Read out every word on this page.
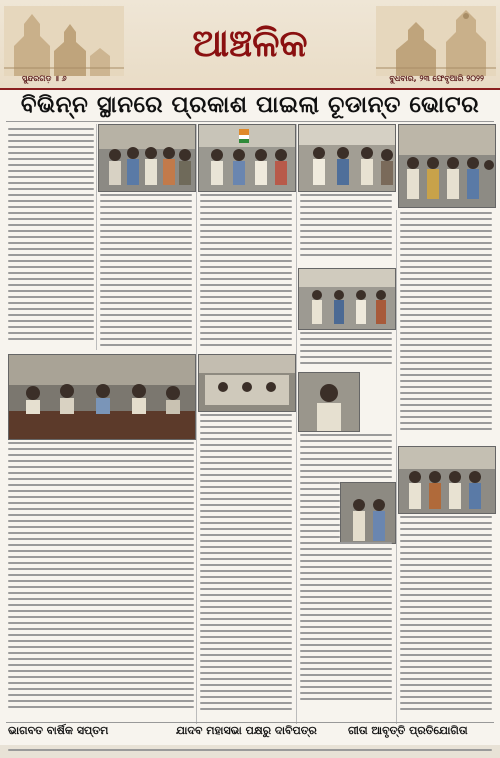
ଆଞ୍ଚଳିକ
ସୁନ୍ଦରଗଡ଼ ॥ ୬	ବୁଧବାର, ୨୩ ଫେବୃଆରି ୨୦୨୨
ବିଭିନ୍ନ ସ୍ଥାନରେ ପ୍ରକାଶ ପାଇଲା ଚୂଡାନ୍ତ ଭୋଟର
ଭାଗବତ ବାର୍ଷିକ ସପ୍ତମ	ଯାଦବ ମହାସଭା ପକ୍ଷରୁ ଦାବିପତ୍ର	ଗୀତା ଆବୃତ୍ତି ପ୍ରତିଯୋଗିତା
